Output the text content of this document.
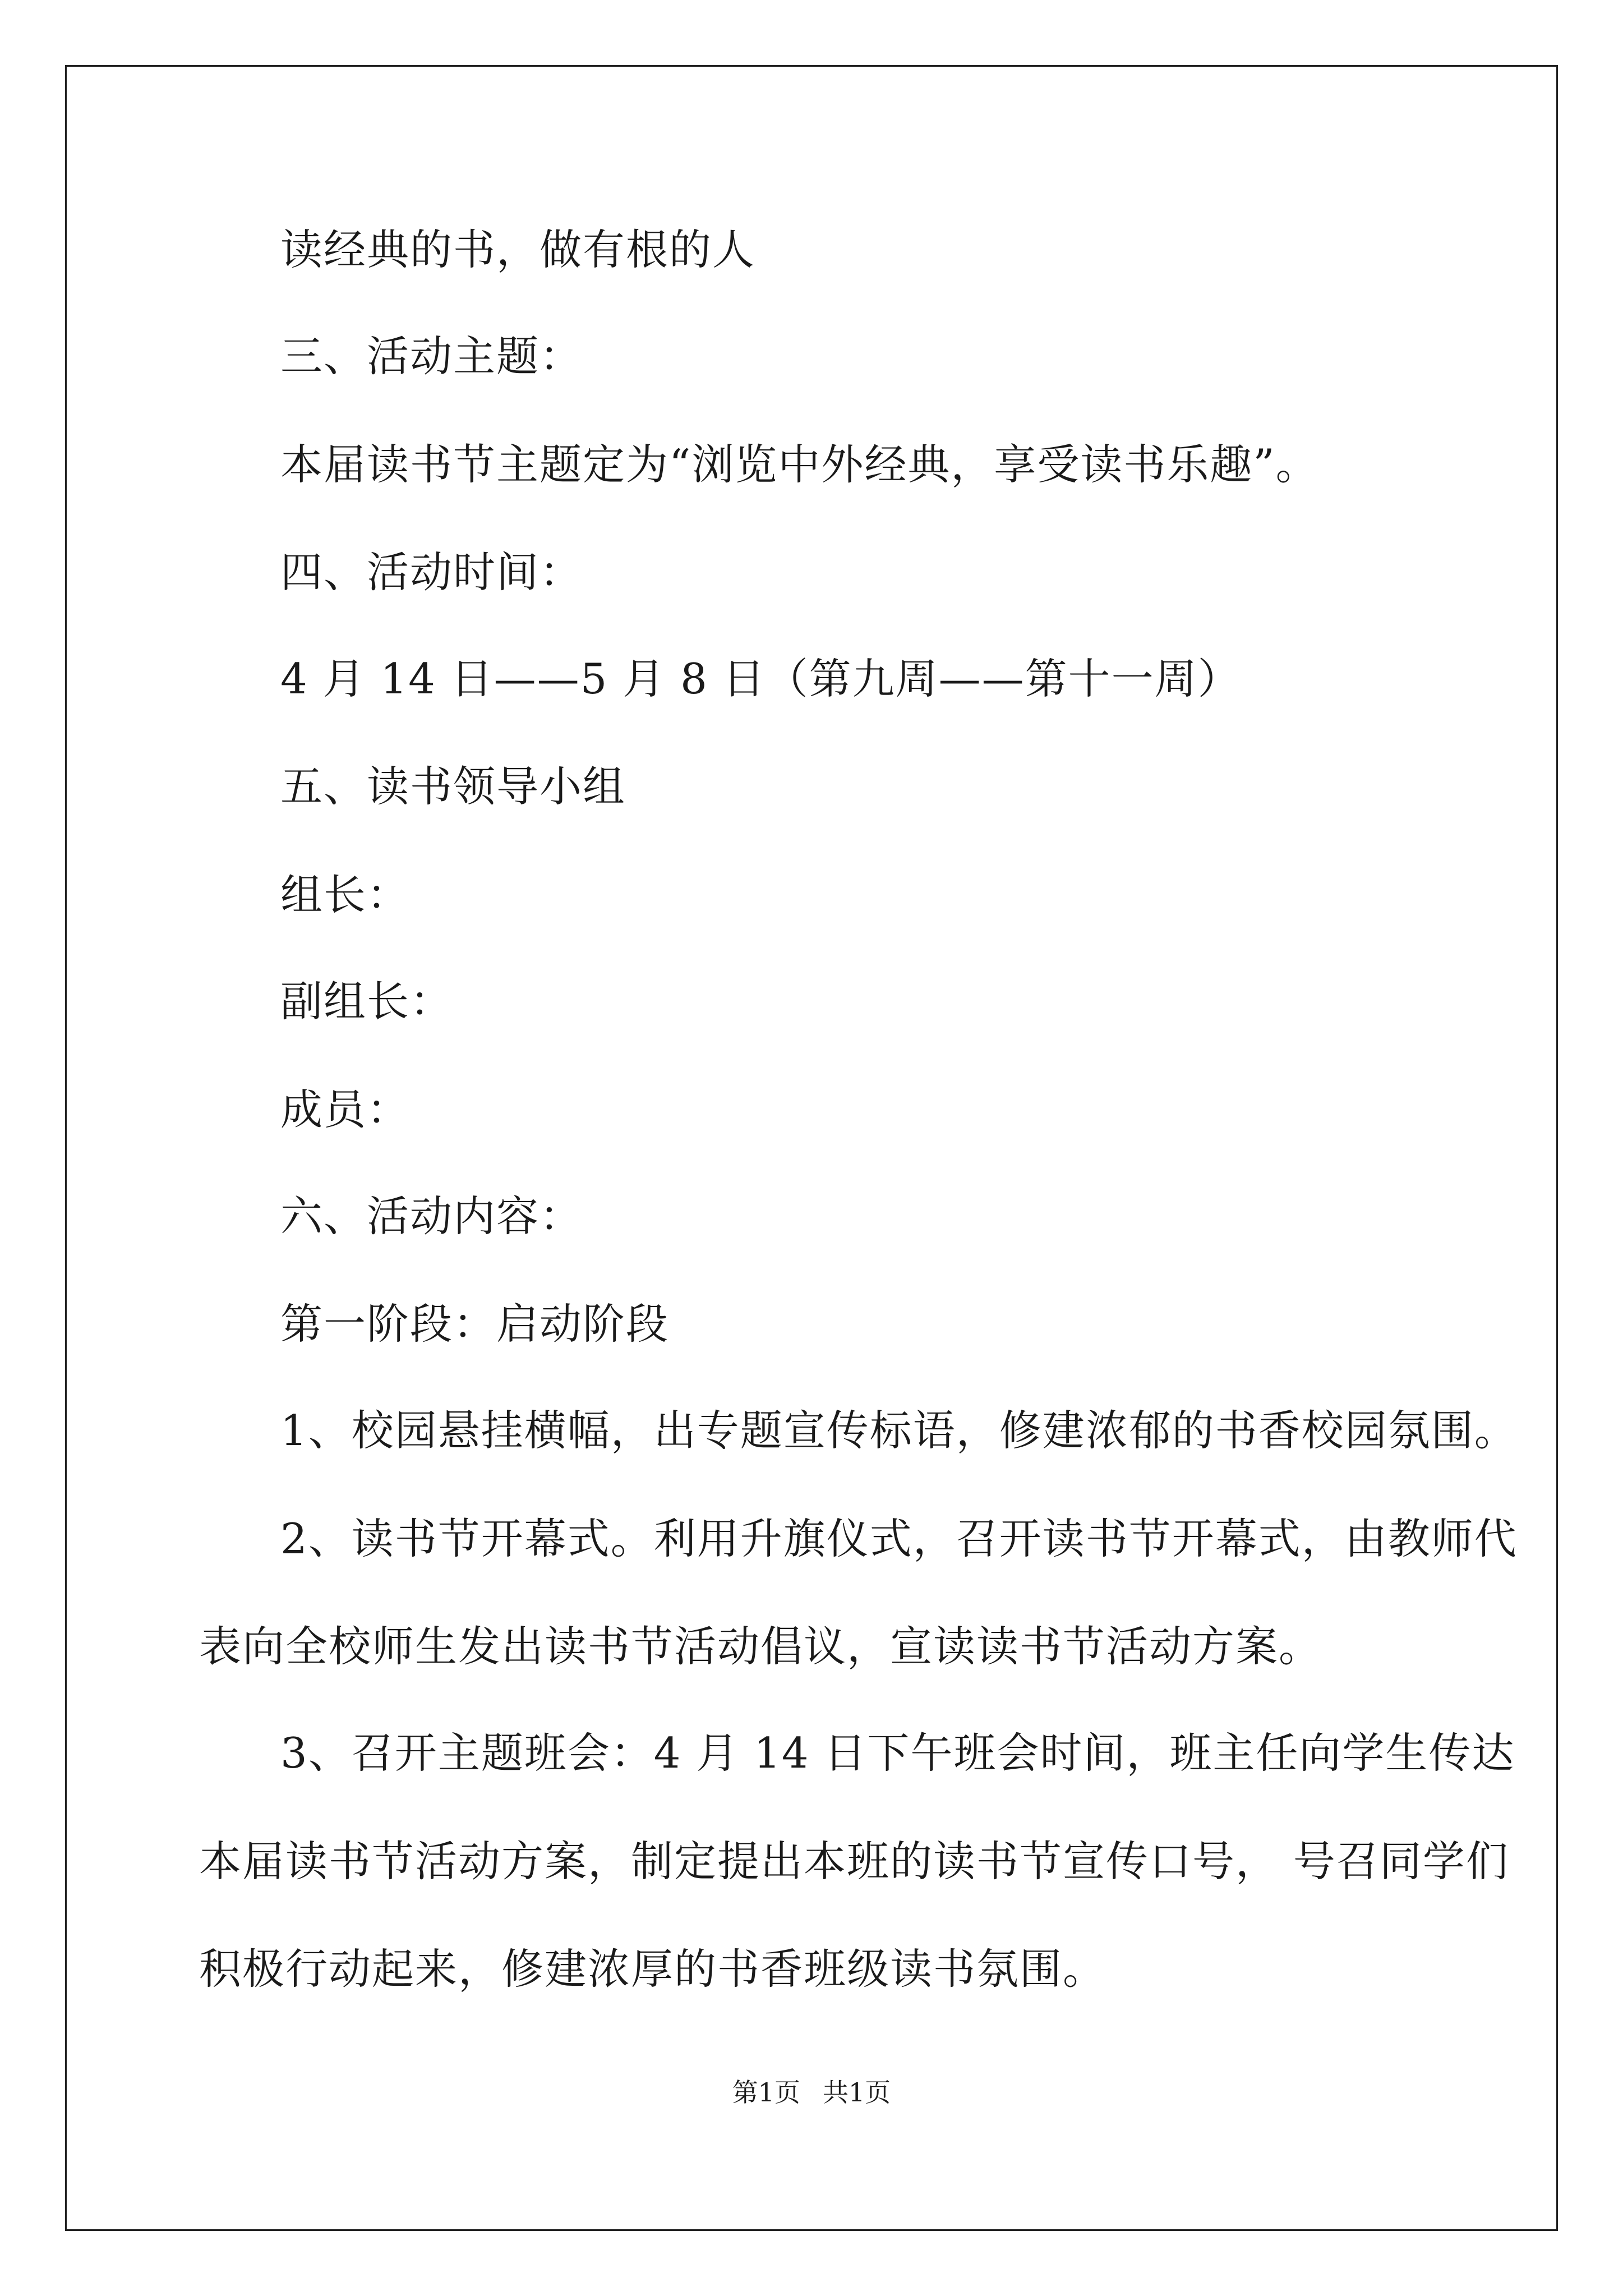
读经典的书，做有根的人
三、活动主题：
本届读书节主题定为“浏览中外经典，享受读书乐趣”。
四、活动时间：
4 月 14 日——5 月 8 日（第九周——第十一周）
五、读书领导小组
组长：
副组长：
成员：
六、活动内容：
第一阶段：启动阶段
1、校园悬挂横幅，出专题宣传标语，修建浓郁的书香校园氛围。
2、读书节开幕式。利用升旗仪式，召开读书节开幕式，由教师代
表向全校师生发出读书节活动倡议，宣读读书节活动方案。
3、召开主题班会：4 月 14 日下午班会时间，班主任向学生传达
本届读书节活动方案，制定提出本班的读书节宣传口号， 号召同学们
积极行动起来，修建浓厚的书香班级读书氛围。
第1页 共1页
